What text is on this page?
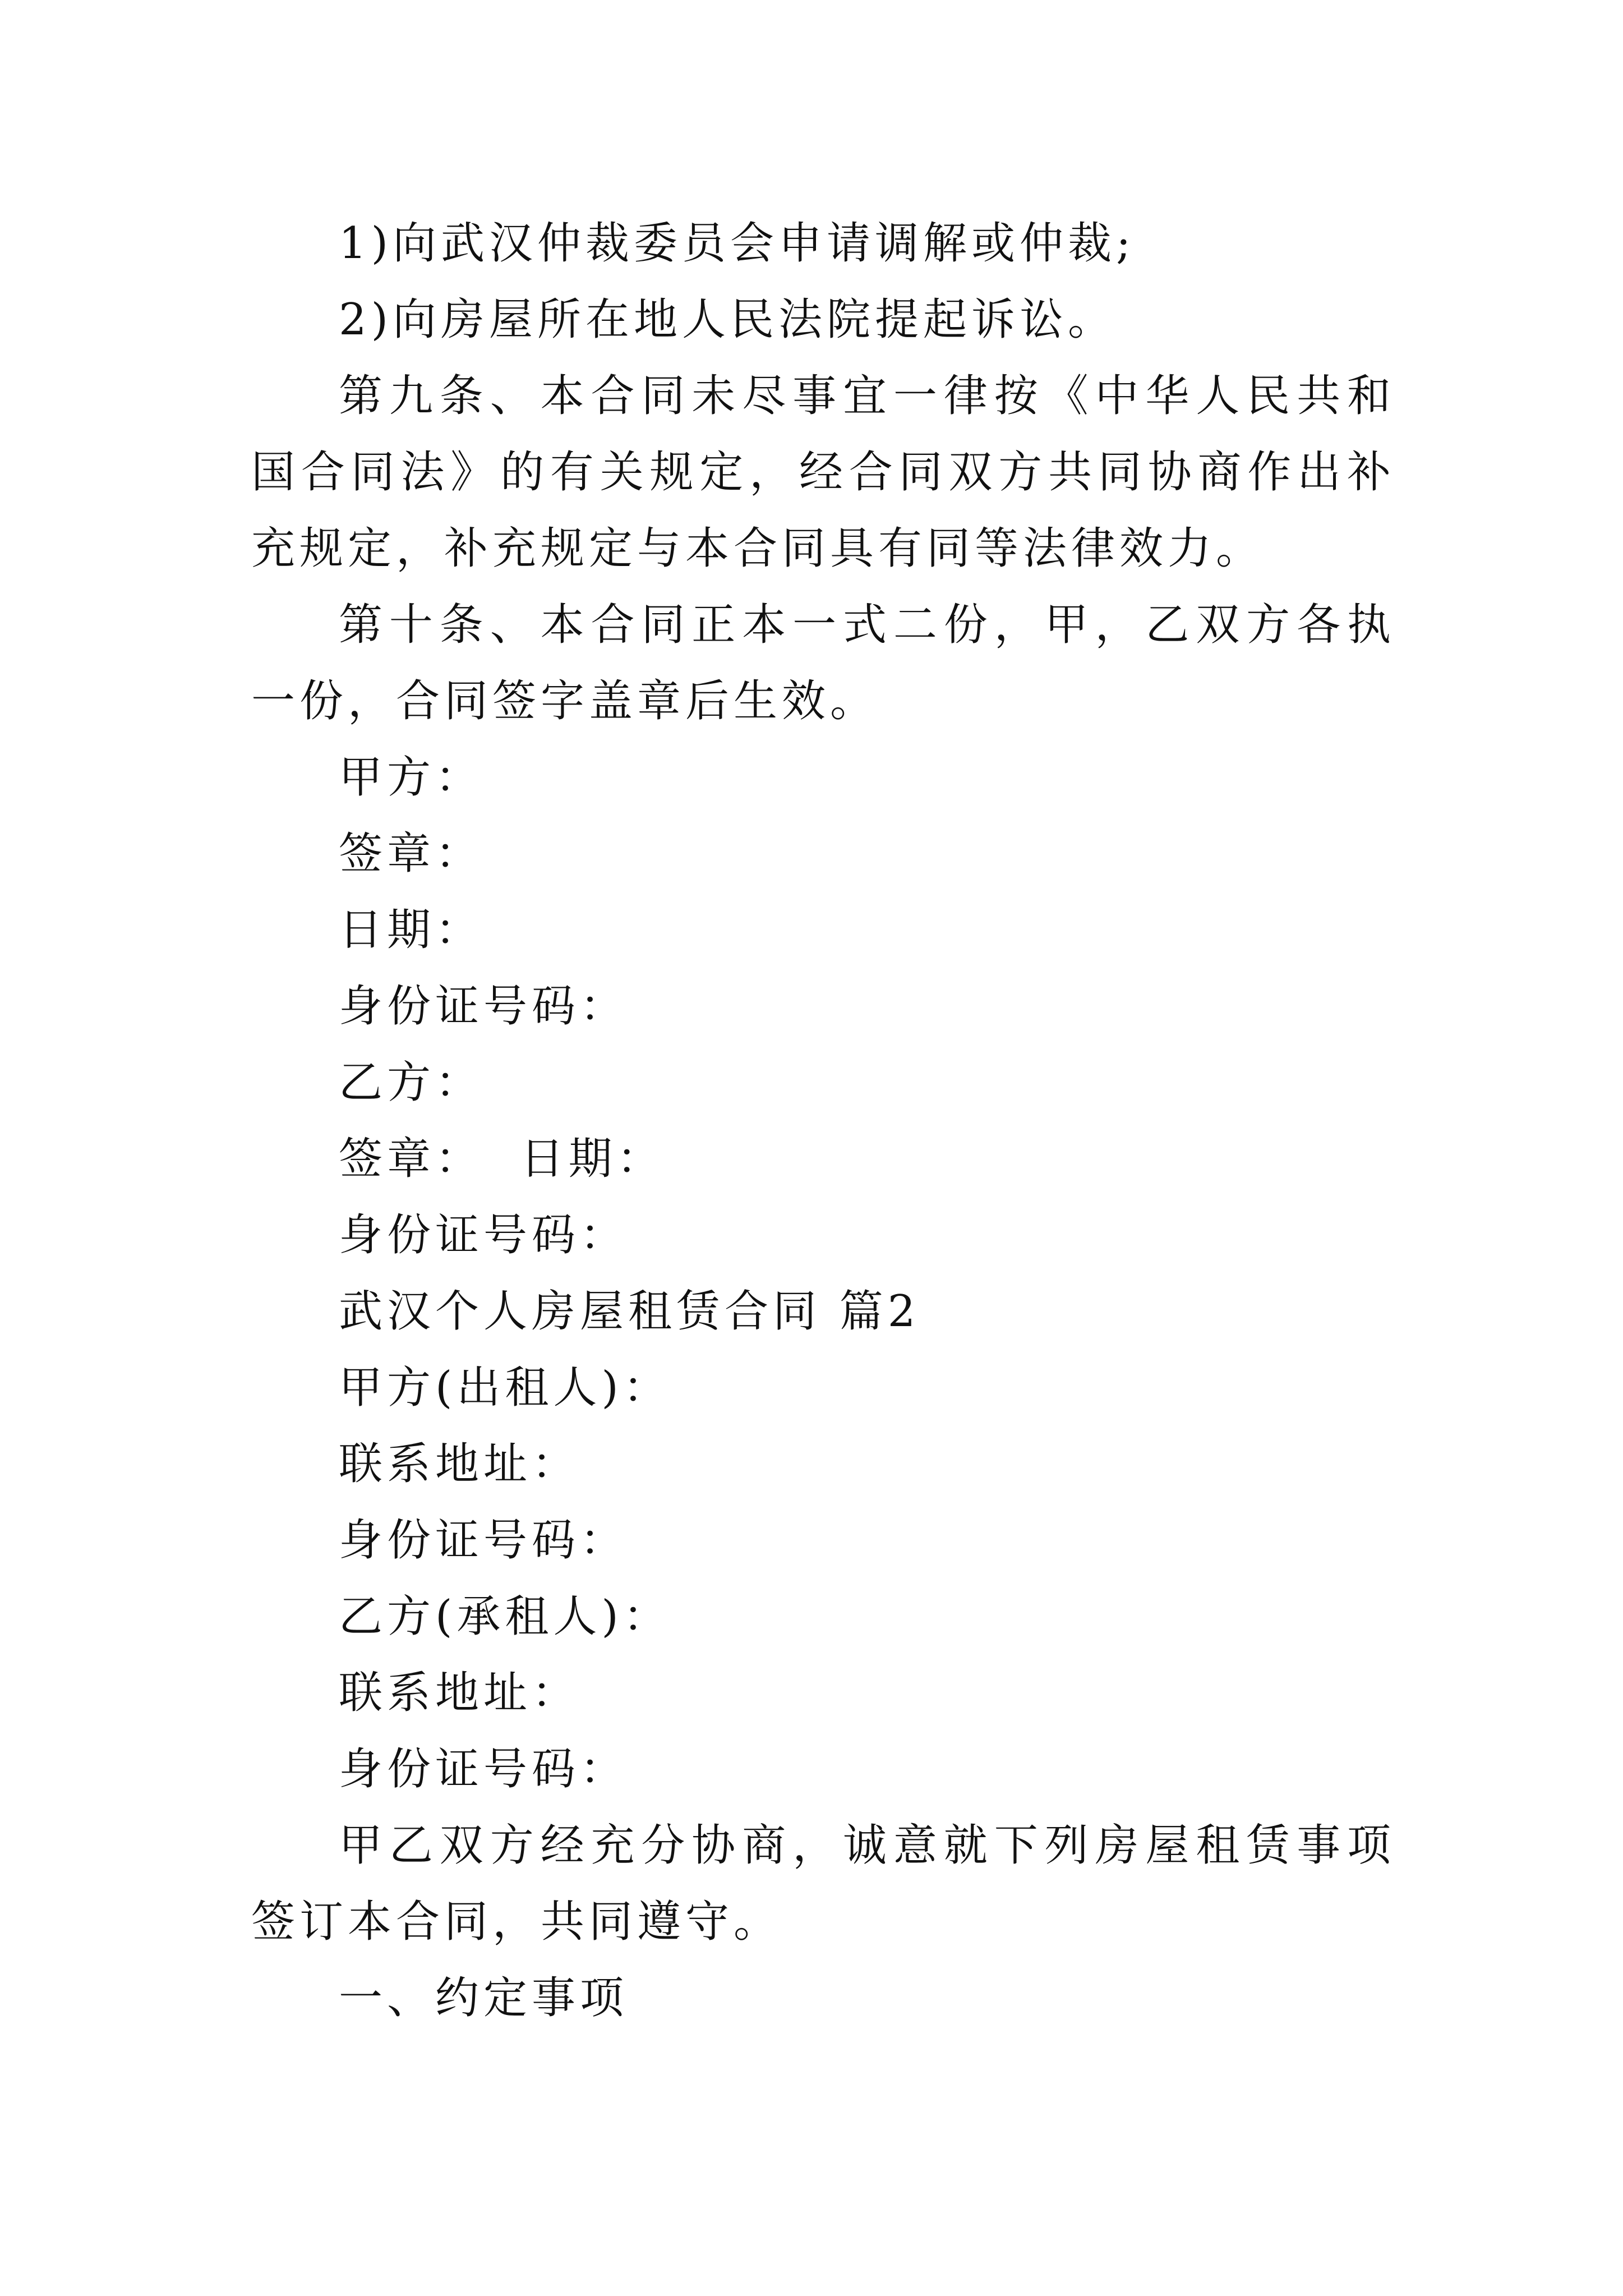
1)向武汉仲裁委员会申请调解或仲裁;

2)向房屋所在地人民法院提起诉讼。

第九条、本合同未尽事宜一律按《中华人民共和国合同法》的有关规定，经合同双方共同协商作出补充规定，补充规定与本合同具有同等法律效力。

第十条、本合同正本一式二份，甲，乙双方各执一份，合同签字盖章后生效。

甲方：

签章：

日期：

身份证号码：

乙方：

签章：  日期：

身份证号码：

武汉个人房屋租赁合同 篇2

甲方(出租人)：

联系地址：

身份证号码：

乙方(承租人)：

联系地址：

身份证号码：

甲乙双方经充分协商，诚意就下列房屋租赁事项签订本合同，共同遵守。

一、约定事项
